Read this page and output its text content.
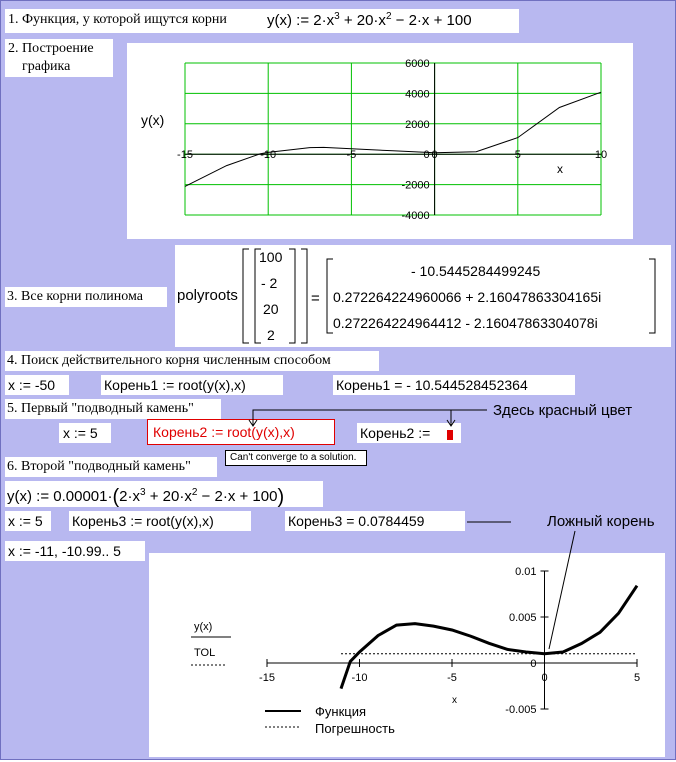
1. Функция, у которой ищутся корни	y(x) := $2\cdot x^3 + 20\cdot x^2 - 2\cdot x + 100$
2. Построение
графика	6000
4000
2000
0
-2000
-4000
-15	-10	-5	0	5	10
y(x)
x
3. Все корни полинома polyroots	=
100
- 2
20
2
- 10.5445284499245
0.272264224960066 + 2.16047863304165i
0.272264224964412 - 2.16047863304078i
4. Поиск действительного корня численным способом
x := -50	Корень1 := root(y(x),x)	Корень1 = - 10.544528452364
5. Первый "подводный камень"
x := 5	Корень2 := root(y(x),x)	Корень2 :=
Can't converge to a solution.
Здесь красный цвет
6. Второй "подводный камень"
y(x) := $0.00001\cdot(2\cdot x^3 + 20\cdot x^2 - 2\cdot x + 100)$
x := 5 Корень3 := root(y(x),x)	Корень3 = 0.0784459	Ложный корень
x := -11, -10.99.. 5
0.01
0.005
0
-0.005
-15	-10	-5	0	5
y(x)
TOL
x
Функция
Погрешность
